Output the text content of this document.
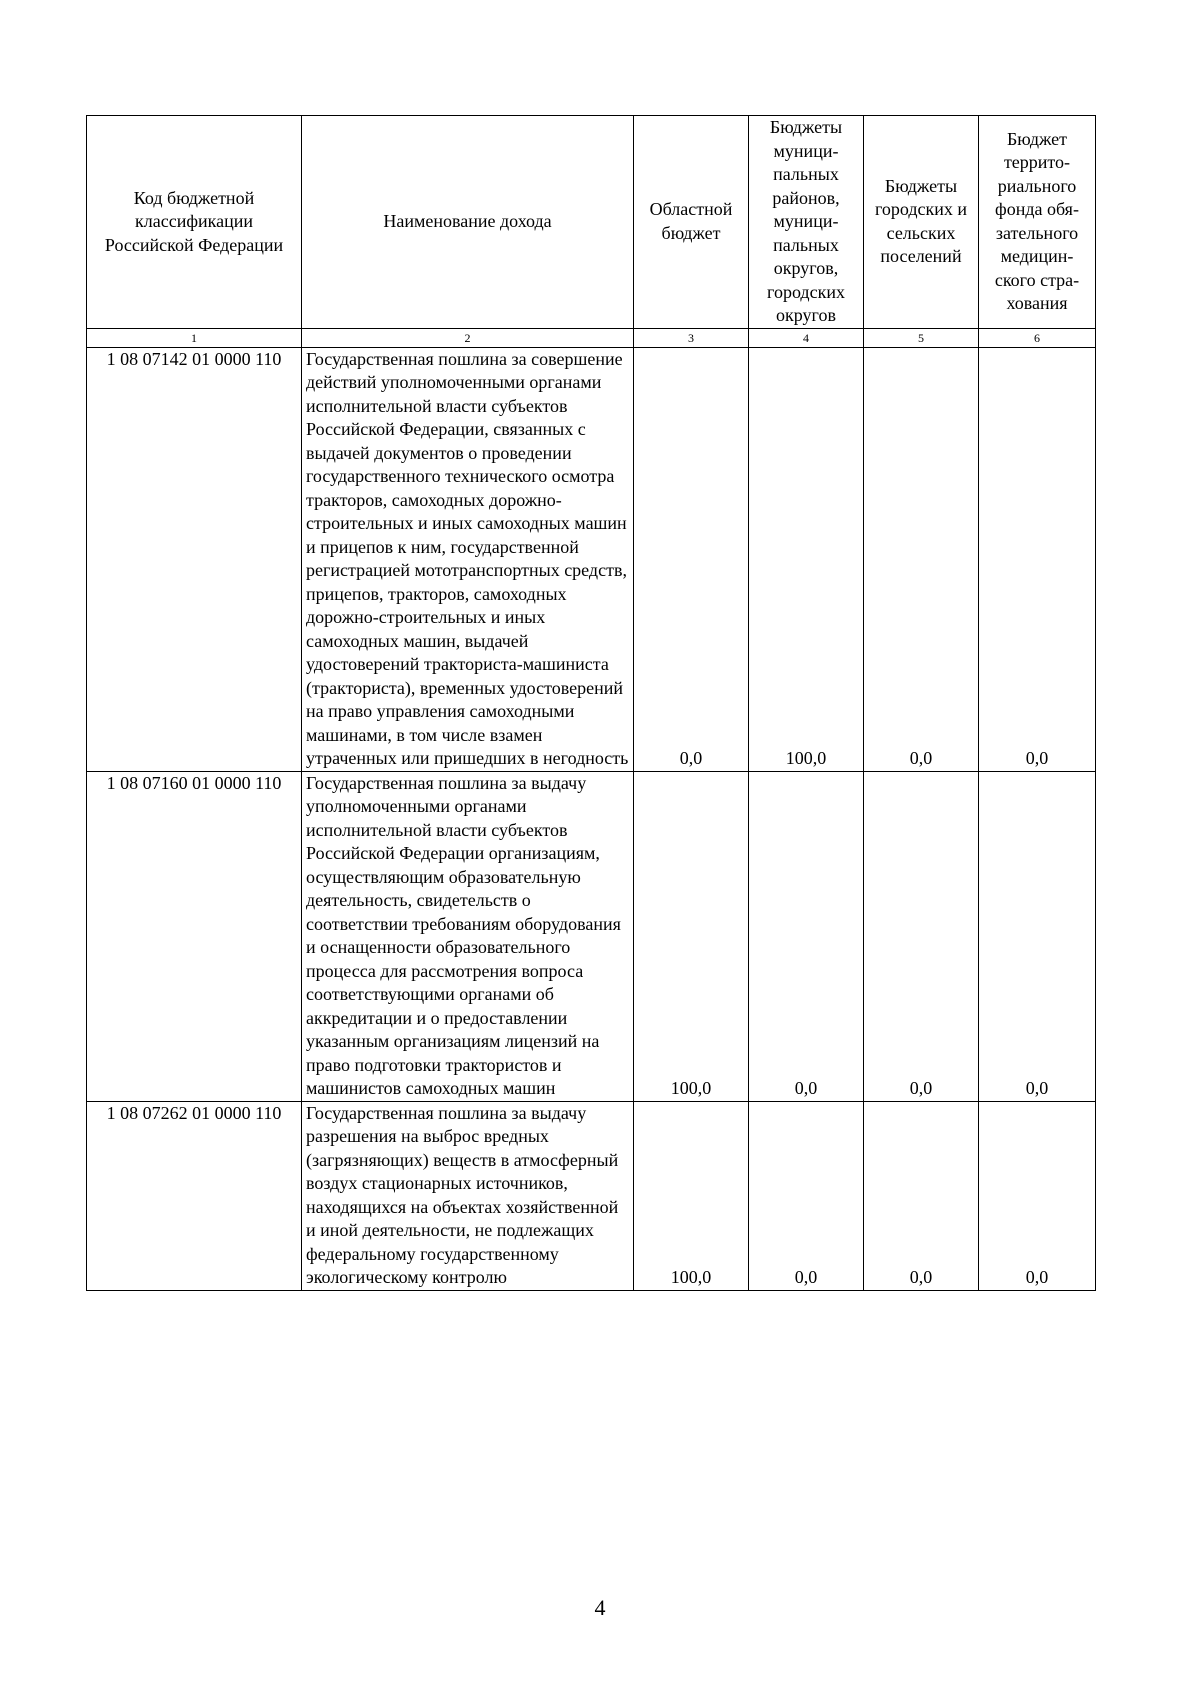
Код бюджетной классификации Российской Федерации	Наименование дохода	Областной бюджет	Бюджеты муници-пальных районов, муници-пальных округов, городских округов	Бюджеты городских и сельских поселений	Бюджет террито-риального фонда обя-зательного медицин-ского стра-хования
1	2	3	4	5	6
1 08 07142 01 0000 110	Государственная пошлина за совершение действий уполномоченными органами исполнительной власти субъектов Российской Федерации, связанных с выдачей документов о проведении государственного технического осмотра тракторов, самоходных дорожно-строительных и иных самоходных машин и прицепов к ним, государственной регистрацией мототранспортных средств, прицепов, тракторов, самоходных дорожно-строительных и иных самоходных машин, выдачей удостоверений тракториста-машиниста (тракториста), временных удостоверений на право управления самоходными машинами, в том числе взамен утраченных или пришедших в негодность	0,0	100,0	0,0	0,0
1 08 07160 01 0000 110	Государственная пошлина за выдачу уполномоченными органами исполнительной власти субъектов Российской Федерации организациям, осуществляющим образовательную деятельность, свидетельств о соответствии требованиям оборудования и оснащенности образовательного процесса для рассмотрения вопроса соответствующими органами об аккредитации и о предоставлении указанным организациям лицензий на право подготовки трактористов и машинистов самоходных машин	100,0	0,0	0,0	0,0
1 08 07262 01 0000 110	Государственная пошлина за выдачу разрешения на выброс вредных (загрязняющих) веществ в атмосферный воздух стационарных источников, находящихся на объектах хозяйственной и иной деятельности, не подлежащих федеральному государственному экологическому контролю	100,0	0,0	0,0	0,0
4
